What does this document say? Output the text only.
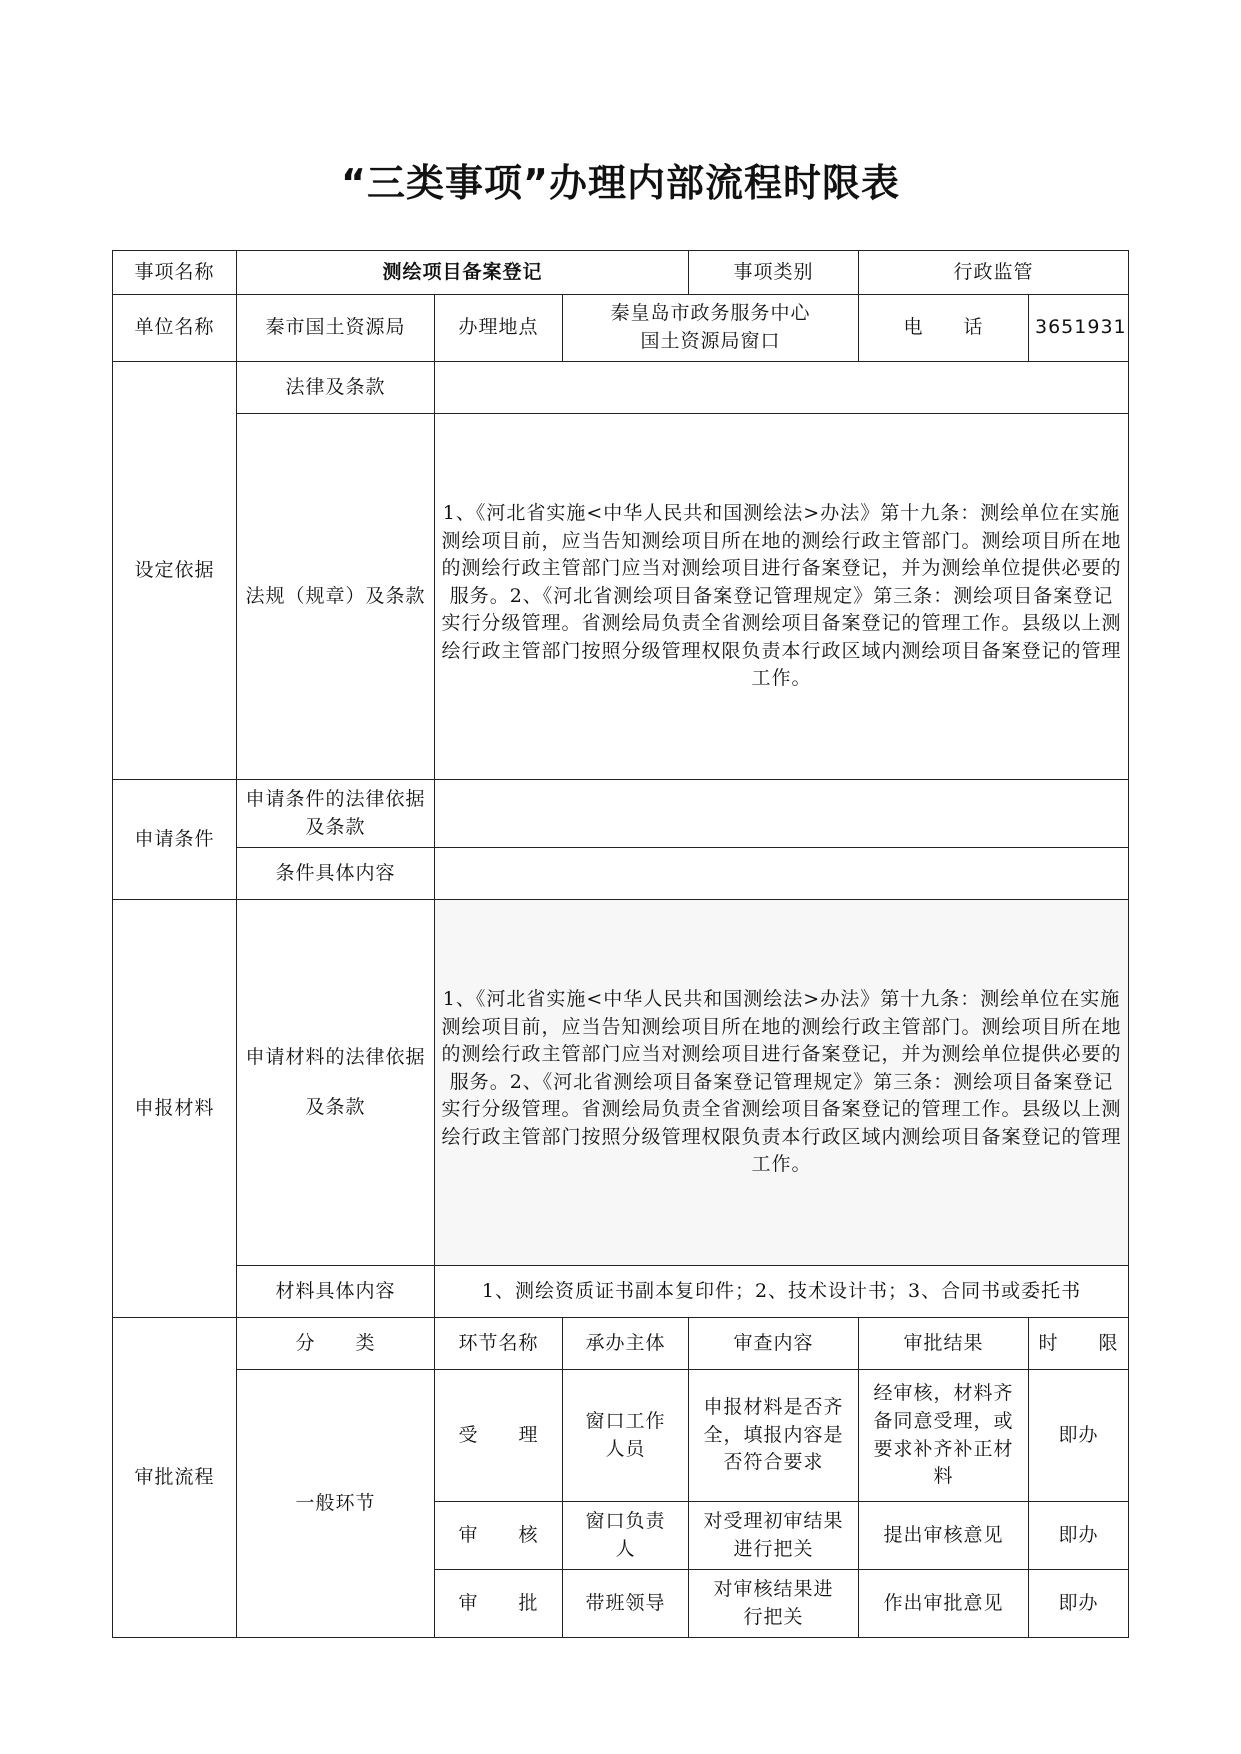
“三类事项”办理内部流程时限表
事项名称	测绘项目备案登记			事项类别	行政监管	
单位名称	秦市国土资源局	办理地点	秦皇岛市政务服务中心
国土资源局窗口		电　　话	3651931
设定依据	法律及条款					
	法规（规章）及条款	1、《河北省实施<中华人民共和国测绘法>办法》第十九条：测绘单位在实施测绘项目前，应当告知测绘项目所在地的测绘行政主管部门。测绘项目所在地的测绘行政主管部门应当对测绘项目进行备案登记，并为测绘单位提供必要的服务。2、《河北省测绘项目备案登记管理规定》第三条：测绘项目备案登记实行分级管理。省测绘局负责全省测绘项目备案登记的管理工作。县级以上测绘行政主管部门按照分级管理权限负责本行政区域内测绘项目备案登记的管理工作。				
申请条件	申请条件的法律依据及条款					
	条件具体内容					
申报材料	申请材料的法律依据及条款	1、《河北省实施<中华人民共和国测绘法>办法》第十九条：测绘单位在实施测绘项目前，应当告知测绘项目所在地的测绘行政主管部门。测绘项目所在地的测绘行政主管部门应当对测绘项目进行备案登记，并为测绘单位提供必要的服务。2、《河北省测绘项目备案登记管理规定》第三条：测绘项目备案登记实行分级管理。省测绘局负责全省测绘项目备案登记的管理工作。县级以上测绘行政主管部门按照分级管理权限负责本行政区域内测绘项目备案登记的管理工作。				
	材料具体内容	1、测绘资质证书副本复印件；2、技术设计书；3、合同书或委托书				
审批流程	分　　类	环节名称	承办主体	审查内容	审批结果	时　　限
	一般环节	受　　理	窗口工作人员	申报材料是否齐全，填报内容是否符合要求	经审核，材料齐备同意受理，或要求补齐补正材料	即办
		审　　核	窗口负责人	对受理初审结果进行把关	提出审核意见	即办
		审　　批	带班领导	对审核结果进行把关	作出审批意见	即办
